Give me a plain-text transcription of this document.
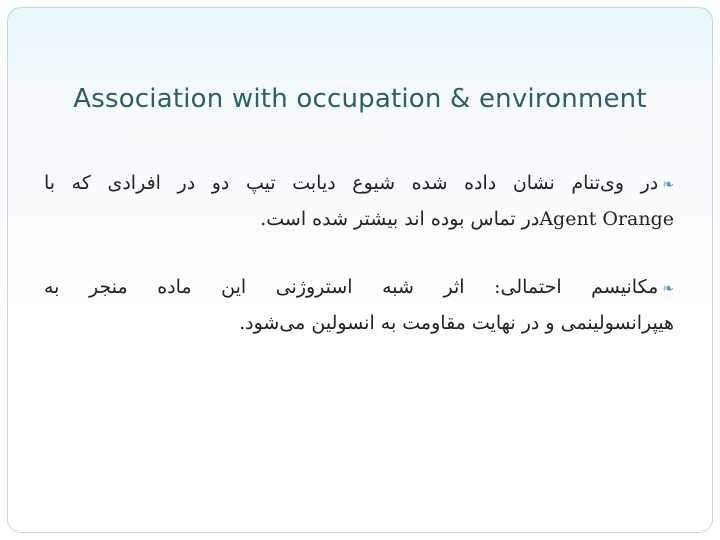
Association with occupation & environment
❧در وی‌تنام نشان داده شده شیوع دیابت تیپ دو در افرادی که با
Agent Orangeدر تماس بوده اند بیشتر شده است.
❧مکانیسم احتمالی: اثر شبه استروژنی این ماده منجر به
هیپرانسولینمی و در نهایت مقاومت به انسولین می‌شود.
